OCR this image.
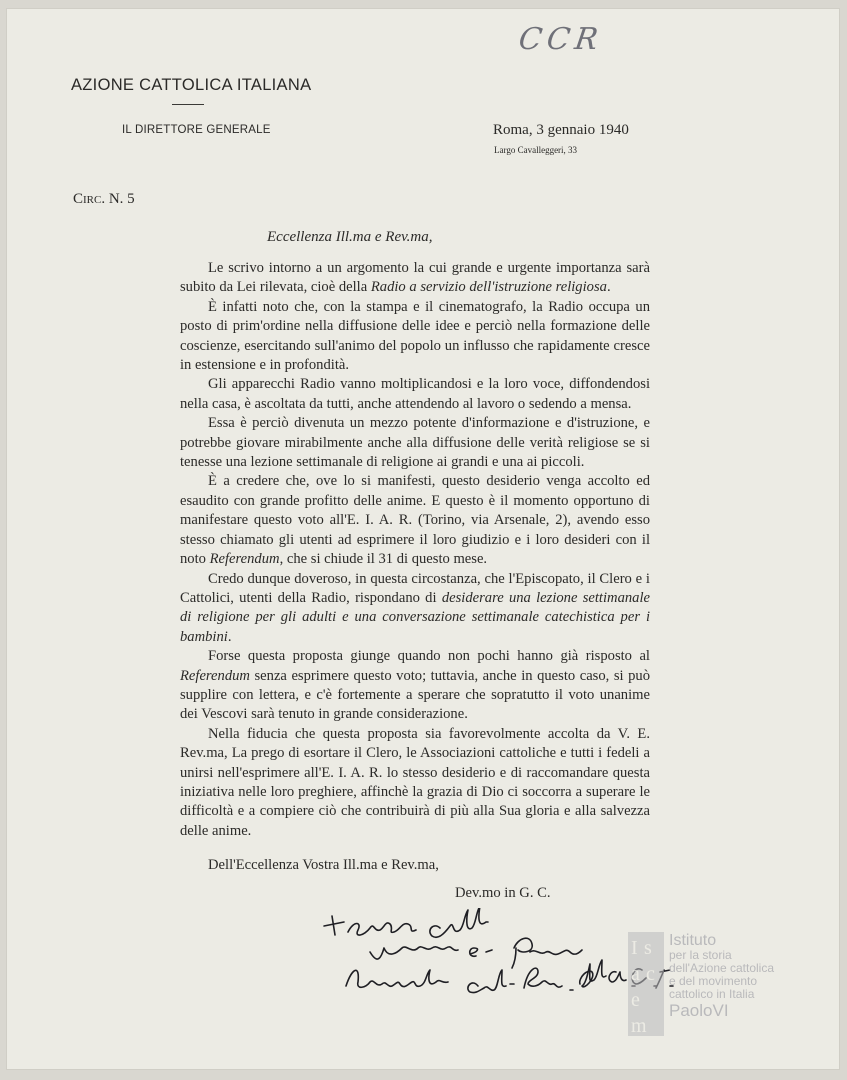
CCR
AZIONE CATTOLICA ITALIANA
IL DIRETTORE GENERALE	Roma, 3 gennaio 1940
Largo Cavalleggeri, 33
Circ. N. 5
Eccellenza Ill.ma e Rev.ma,

Le scrivo intorno a un argomento la cui grande e urgente importanza sarà subito da Lei rilevata, cioè della Radio a servizio dell'istruzione religiosa.

È infatti noto che, con la stampa e il cinematografo, la Radio occupa un posto di prim'ordine nella diffusione delle idee e perciò nella formazione delle coscienze, esercitando sull'animo del popolo un influsso che rapidamente cresce in estensione e in profondità.

Gli apparecchi Radio vanno moltiplicandosi e la loro voce, diffondendosi nella casa, è ascoltata da tutti, anche attendendo al lavoro o sedendo a mensa.

Essa è perciò divenuta un mezzo potente d'informazione e d'istruzione, e potrebbe giovare mirabilmente anche alla diffusione delle verità religiose se si tenesse una lezione settimanale di religione ai grandi e una ai piccoli.

È a credere che, ove lo si manifesti, questo desiderio venga accolto ed esaudito con grande profitto delle anime. E questo è il momento opportuno di manifestare questo voto all'E. I. A. R. (Torino, via Arsenale, 2), avendo esso stesso chiamato gli utenti ad esprimere il loro giudizio e i loro desideri con il noto Referendum, che si chiude il 31 di questo mese.

Credo dunque doveroso, in questa circostanza, che l'Episcopato, il Clero e i Cattolici, utenti della Radio, rispondano di desiderare una lezione settimanale di religione per gli adulti e una conversazione settimanale catechistica per i bambini.

Forse questa proposta giunge quando non pochi hanno già risposto al Referendum senza esprimere questo voto; tuttavia, anche in questo caso, si può supplire con lettera, e c'è fortemente a sperare che sopratutto il voto unanime dei Vescovi sarà tenuto in grande considerazione.

Nella fiducia che questa proposta sia favorevolmente accolta da V. E. Rev.ma, La prego di esortare il Clero, le Associazioni cattoliche e tutti i fedeli a unirsi nell'esprimere all'E. I. A. R. lo stesso desiderio e di raccomandare questa iniziativa nelle loro preghiere, affinchè la grazia di Dio ci soccorra a superare le difficoltà e a compiere ciò che contribuirà di più alla Sua gloria e alla salvezza delle anime.

Dell'Eccellenza Vostra Ill.ma e Rev.ma,
Dev.mo in G. C.
I s
a c
e
m
Istituto
per la storia
dell'Azione cattolica
e del movimento
cattolico in Italia
PaoloVI
